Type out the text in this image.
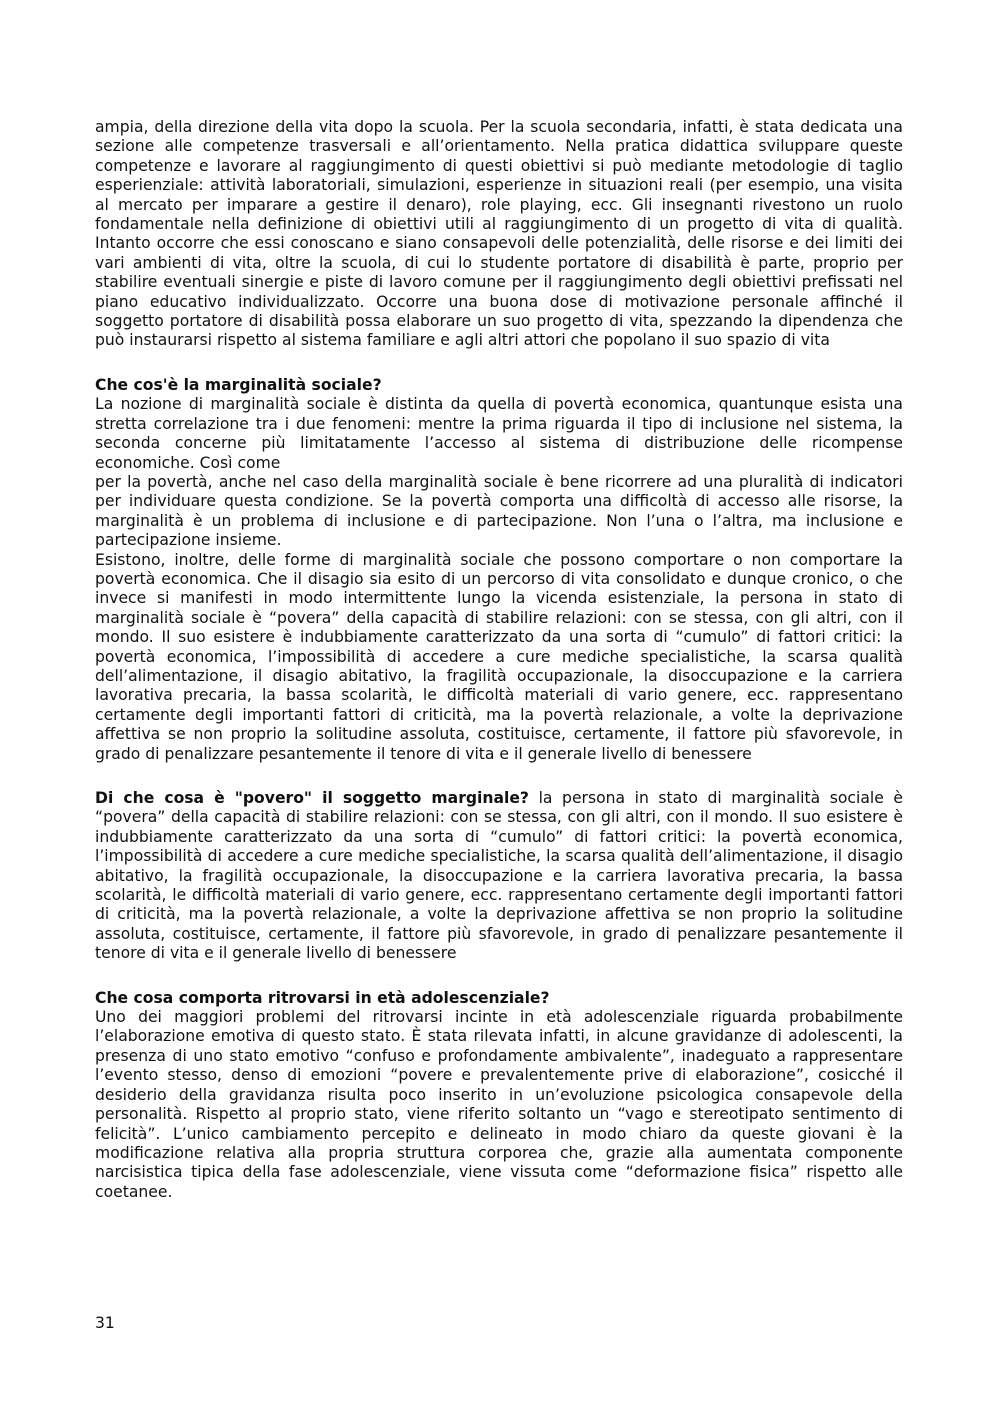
ampia, della direzione della vita dopo la scuola. Per la scuola secondaria, infatti, è stata dedicata una sezione alle competenze trasversali e all’orientamento. Nella pratica didattica sviluppare queste competenze e lavorare al raggiungimento di questi obiettivi si può mediante metodologie di taglio esperienziale: attività laboratoriali, simulazioni, esperienze in situazioni reali (per esempio, una visita al mercato per imparare a gestire il denaro), role playing, ecc. Gli insegnanti rivestono un ruolo fondamentale nella definizione di obiettivi utili al raggiungimento di un progetto di vita di qualità. Intanto occorre che essi conoscano e siano consapevoli delle potenzialità, delle risorse e dei limiti dei vari ambienti di vita, oltre la scuola, di cui lo studente portatore di disabilità è parte, proprio per stabilire eventuali sinergie e piste di lavoro comune per il raggiungimento degli obiettivi prefissati nel piano educativo individualizzato. Occorre una buona dose di motivazione personale affinché il soggetto portatore di disabilità possa elaborare un suo progetto di vita, spezzando la dipendenza che può instaurarsi rispetto al sistema familiare e agli altri attori che popolano il suo spazio di vita

Che cos'è la marginalità sociale?

La nozione di marginalità sociale è distinta da quella di povertà economica, quantunque esista una stretta correlazione tra i due fenomeni: mentre la prima riguarda il tipo di inclusione nel sistema, la seconda concerne più limitatamente l’accesso al sistema di distribuzione delle ricompense economiche. Così come

per la povertà, anche nel caso della marginalità sociale è bene ricorrere ad una pluralità di indicatori per individuare questa condizione. Se la povertà comporta una difficoltà di accesso alle risorse, la marginalità è un problema di inclusione e di partecipazione. Non l’una o l’altra, ma inclusione e partecipazione insieme.

Esistono, inoltre, delle forme di marginalità sociale che possono comportare o non comportare la povertà economica. Che il disagio sia esito di un percorso di vita consolidato e dunque cronico, o che invece si manifesti in modo intermittente lungo la vicenda esistenziale, la persona in stato di marginalità sociale è “povera” della capacità di stabilire relazioni: con se stessa, con gli altri, con il mondo. Il suo esistere è indubbiamente caratterizzato da una sorta di “cumulo” di fattori critici: la povertà economica, l’impossibilità di accedere a cure mediche specialistiche, la scarsa qualità dell’alimentazione, il disagio abitativo, la fragilità occupazionale, la disoccupazione e la carriera lavorativa precaria, la bassa scolarità, le difficoltà materiali di vario genere, ecc. rappresentano certamente degli importanti fattori di criticità, ma la povertà relazionale, a volte la deprivazione affettiva se non proprio la solitudine assoluta, costituisce, certamente, il fattore più sfavorevole, in grado di penalizzare pesantemente il tenore di vita e il generale livello di benessere

Di che cosa è "povero" il soggetto marginale? la persona in stato di marginalità sociale è “povera” della capacità di stabilire relazioni: con se stessa, con gli altri, con il mondo. Il suo esistere è indubbiamente caratterizzato da una sorta di “cumulo” di fattori critici: la povertà economica, l’impossibilità di accedere a cure mediche specialistiche, la scarsa qualità dell’alimentazione, il disagio abitativo, la fragilità occupazionale, la disoccupazione e la carriera lavorativa precaria, la bassa scolarità, le difficoltà materiali di vario genere, ecc. rappresentano certamente degli importanti fattori di criticità, ma la povertà relazionale, a volte la deprivazione affettiva se non proprio la solitudine assoluta, costituisce, certamente, il fattore più sfavorevole, in grado di penalizzare pesantemente il tenore di vita e il generale livello di benessere

Che cosa comporta ritrovarsi in età adolescenziale?

Uno dei maggiori problemi del ritrovarsi incinte in età adolescenziale riguarda probabilmente l’elaborazione emotiva di questo stato. È stata rilevata infatti, in alcune gravidanze di adolescenti, la presenza di uno stato emotivo “confuso e profondamente ambivalente”, inadeguato a rappresentare l’evento stesso, denso di emozioni “povere e prevalentemente prive di elaborazione”, cosicché il desiderio della gravidanza risulta poco inserito in un’evoluzione psicologica consapevole della personalità. Rispetto al proprio stato, viene riferito soltanto un “vago e stereotipato sentimento di felicità”. L’unico cambiamento percepito e delineato in modo chiaro da queste giovani è la modificazione relativa alla propria struttura corporea che, grazie alla aumentata componente narcisistica tipica della fase adolescenziale, viene vissuta come “deformazione fisica” rispetto alle coetanee.

31
